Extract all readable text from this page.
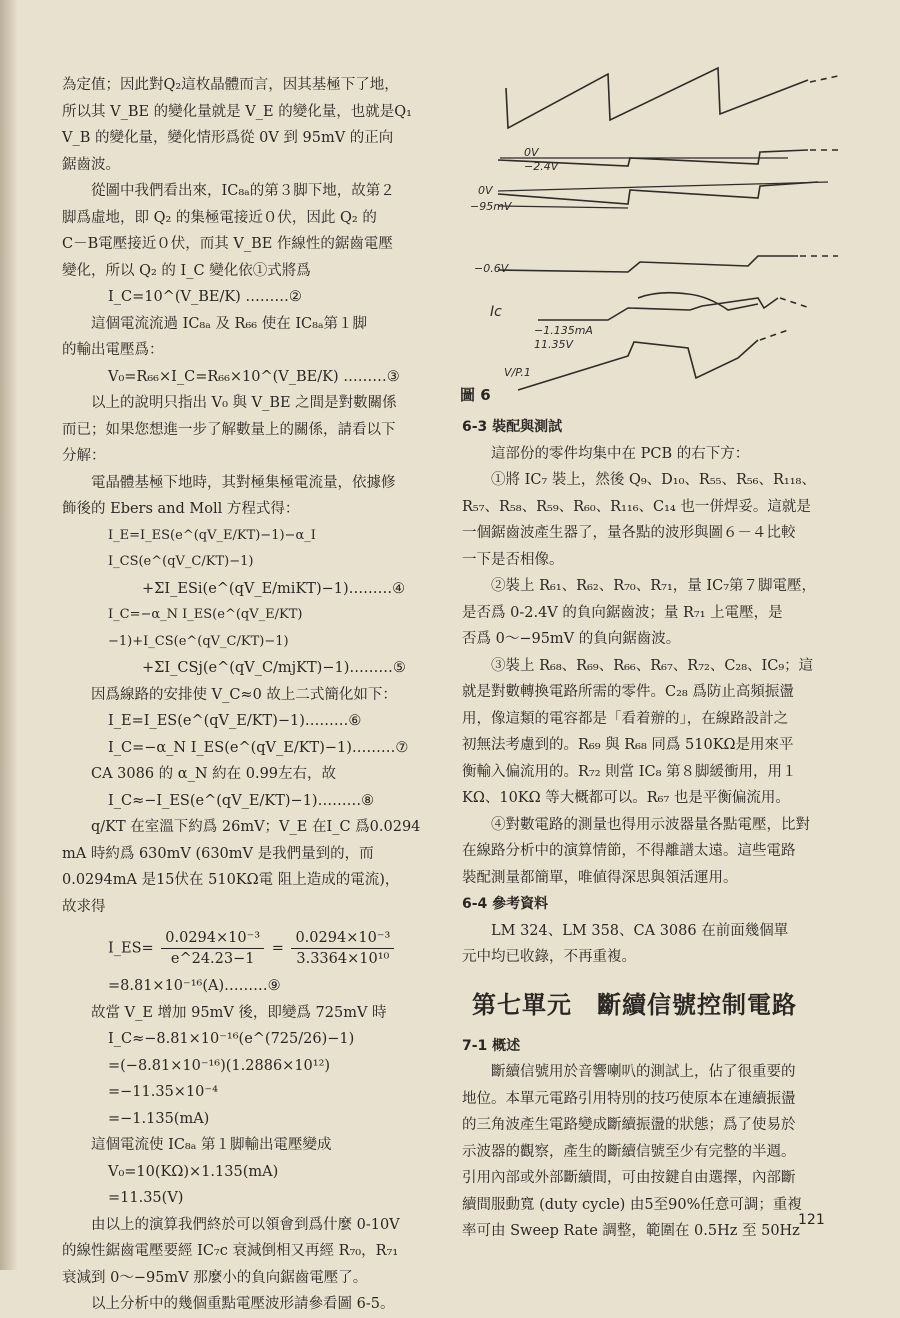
為定值；因此對Q₂這枚晶體而言，因其基極下了地，

所以其 V_BE 的變化量就是 V_E 的變化量，也就是Q₁

V_B 的變化量，變化情形爲從 0V 到 95mV 的正向

鋸齒波。

從圖中我們看出來，IC₈ₐ的第３脚下地，故第２

脚爲虛地，即 Q₂ 的集極電接近０伏，因此 Q₂ 的

C－B電壓接近０伏，而其 V_BE 作線性的鋸齒電壓

變化，所以 Q₂ 的 I_C 變化依①式將爲

I_C=10^(V_BE/K) ………②

這個電流流過 IC₈ₐ 及 R₆₆ 使在 IC₈ₐ第１脚

的輸出電壓爲：

V₀=R₆₆×I_C=R₆₆×10^(V_BE/K) ………③

以上的說明只指出 V₀ 與 V_BE 之間是對數關係

而已；如果您想進一步了解數量上的關係，請看以下

分解：

電晶體基極下地時，其對極集極電流量，依據修

飾後的 Ebers and Moll 方程式得：

I_E=I_ES(e^(qV_E/KT)−1)−α_I I_CS(e^(qV_C/KT)−1)

+ΣI_ESi(e^(qV_E/miKT)−1)………④

I_C=−α_N I_ES(e^(qV_E/KT)−1)+I_CS(e^(qV_C/KT)−1)

+ΣI_CSj(e^(qV_C/mjKT)−1)………⑤

因爲線路的安排使 V_C≈0 故上二式簡化如下：

I_E=I_ES(e^(qV_E/KT)−1)………⑥

I_C=−α_N I_ES(e^(qV_E/KT)−1)………⑦

CA 3086 的 α_N 約在 0.99左右，故

I_C≈−I_ES(e^(qV_E/KT)−1)………⑧

q/KT 在室溫下約爲 26mV；V_E 在I_C 爲0.0294

mA 時約爲 630mV (630mV 是我們量到的，而

0.0294mA 是15伏在 510KΩ電 阻上造成的電流)，

故求得

I_ES= $\frac{\text{0.0294×10⁻³}}{e\^{}24.23-1} = \frac{\text{0.0294×10⁻³}}{\text{3.3364×10¹⁰}}$

=8.81×10⁻¹⁶(A)………⑨

故當 V_E 增加 95mV 後，即變爲 725mV 時

I_C≈−8.81×10⁻¹⁶(e^(725/26)−1)

=(−8.81×10⁻¹⁶)(1.2886×10¹²)

=−11.35×10⁻⁴

=−1.135(mA)

這個電流使 IC₈ₐ 第１脚輸出電壓變成

V₀=10(KΩ)×1.135(mA)

=11.35(V)

由以上的演算我們終於可以領會到爲什麼 0-10V

的線性鋸齒電壓要經 IC₇c 衰減倒相又再經 R₇₀，R₇₁

衰減到 0～−95mV 那麼小的負向鋸齒電壓了。

以上分析中的幾個重點電壓波形請參看圖 6-5。

0V
−2.4V
0V
−95mV
−0.6V
Ic
−1.135mA
11.35V
V/P.1
圖 6

6-3 裝配與測試

這部份的零件均集中在 PCB 的右下方：

①將 IC₇ 裝上，然後 Q₉、D₁₀、R₅₅、R₅₆、R₁₁₈、

R₅₇、R₅₈、R₅₉、R₆₀、R₁₁₆、C₁₄ 也一併焊妥。這就是

一個鋸齒波產生器了，量各點的波形與圖６－４比較

一下是否相像。

②裝上 R₆₁、R₆₂、R₇₀、R₇₁，量 IC₇第７脚電壓，

是否爲 0-2.4V 的負向鋸齒波；量 R₇₁ 上電壓，是

否爲 0～−95mV 的負向鋸齒波。

③裝上 R₆₈、R₆₉、R₆₆、R₆₇、R₇₂、C₂₈、IC₉；這

就是對數轉換電路所需的零件。C₂₈ 爲防止高頻振盪

用，像這類的電容都是「看着辦的」，在線路設計之

初無法考慮到的。R₆₉ 與 R₆₈ 同爲 510KΩ是用來平

衡輸入偏流用的。R₇₂ 則當 IC₈ 第８脚緩衝用，用１

KΩ、10KΩ 等大概都可以。R₆₇ 也是平衡偏流用。

④對數電路的測量也得用示波器量各點電壓，比對

在線路分析中的演算情節，不得離譜太遠。這些電路

裝配測量都簡單，唯値得深思與領活運用。

6-4 參考資料

LM 324、LM 358、CA 3086 在前面幾個單

元中均已收錄，不再重複。

第七單元　斷續信號控制電路

7-1 概述

斷續信號用於音響喇叭的測試上，佔了很重要的

地位。本單元電路引用特別的技巧使原本在連續振盪

的三角波產生電路變成斷續振盪的狀態；爲了使易於

示波器的觀察，產生的斷續信號至少有完整的半週。

引用內部或外部斷續間，可由按鍵自由選擇，內部斷

續間服動寬 (duty cycle) 由5至90%任意可調；重複

率可由 Sweep Rate 調整，範圍在 0.5Hz 至 50Hz

121
